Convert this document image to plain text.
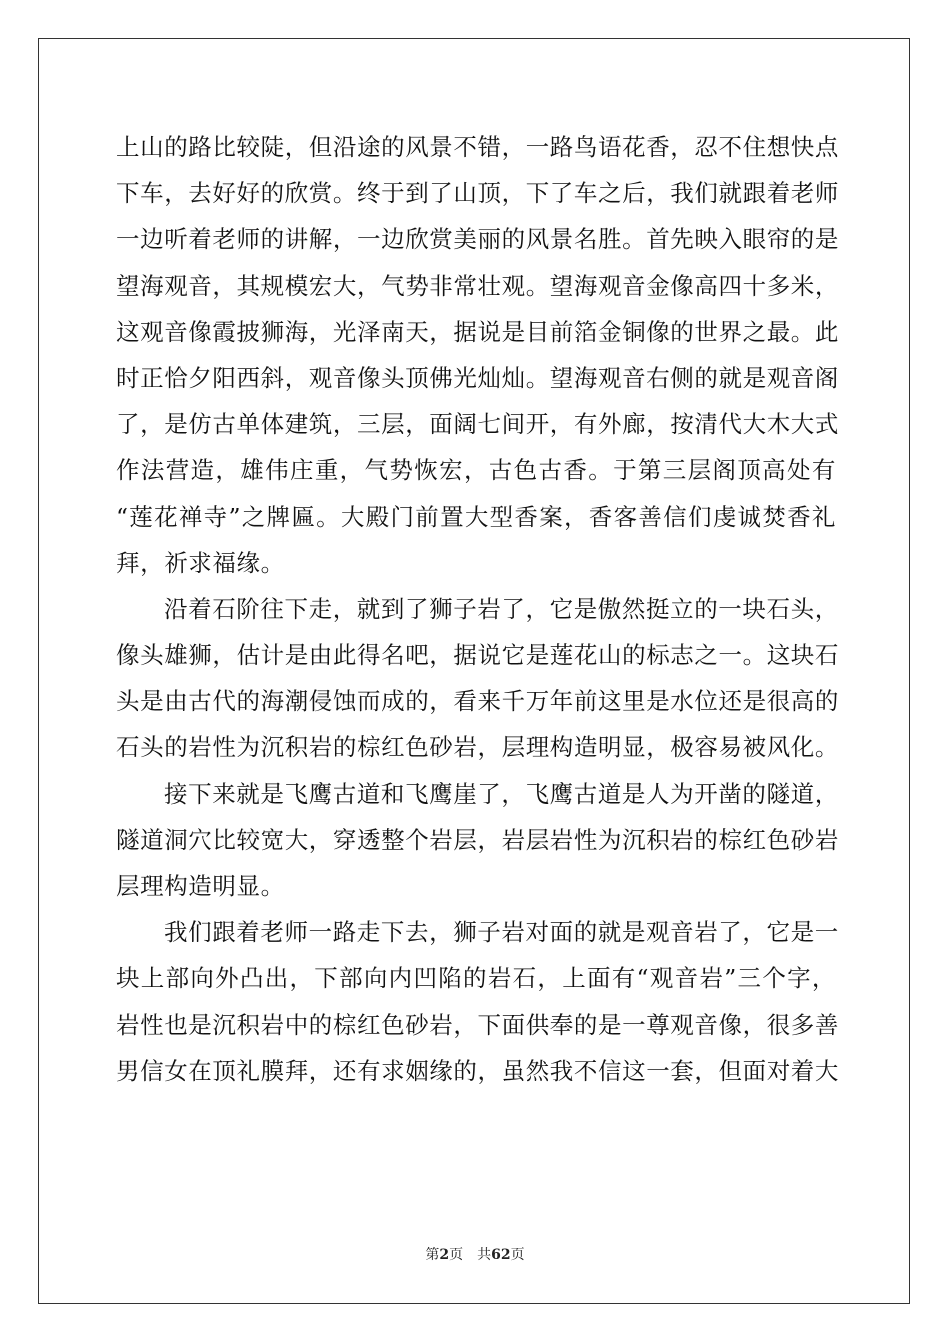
上山的路比较陡，但沿途的风景不错，一路鸟语花香，忍不住想快点
下车，去好好的欣赏。终于到了山顶，下了车之后，我们就跟着老师
一边听着老师的讲解，一边欣赏美丽的风景名胜。首先映入眼帘的是
望海观音，其规模宏大，气势非常壮观。望海观音金像高四十多米，
这观音像霞披狮海，光泽南天，据说是目前箔金铜像的世界之最。此
时正恰夕阳西斜，观音像头顶佛光灿灿。望海观音右侧的就是观音阁
了，是仿古单体建筑，三层，面阔七间开，有外廊，按清代大木大式
作法营造，雄伟庄重，气势恢宏，古色古香。于第三层阁顶高处有
“莲花禅寺”之牌匾。大殿门前置大型香案，香客善信们虔诚焚香礼
拜，祈求福缘。
沿着石阶往下走，就到了狮子岩了，它是傲然挺立的一块石头，
像头雄狮，估计是由此得名吧，据说它是莲花山的标志之一。这块石
头是由古代的海潮侵蚀而成的，看来千万年前这里是水位还是很高的
石头的岩性为沉积岩的棕红色砂岩，层理构造明显，极容易被风化。
接下来就是飞鹰古道和飞鹰崖了，飞鹰古道是人为开凿的隧道，
隧道洞穴比较宽大，穿透整个岩层，岩层岩性为沉积岩的棕红色砂岩
层理构造明显。
我们跟着老师一路走下去，狮子岩对面的就是观音岩了，它是一
块上部向外凸出，下部向内凹陷的岩石，上面有“观音岩”三个字，
岩性也是沉积岩中的棕红色砂岩，下面供奉的是一尊观音像，很多善
男信女在顶礼膜拜，还有求姻缘的，虽然我不信这一套，但面对着大
第2页 共62页
